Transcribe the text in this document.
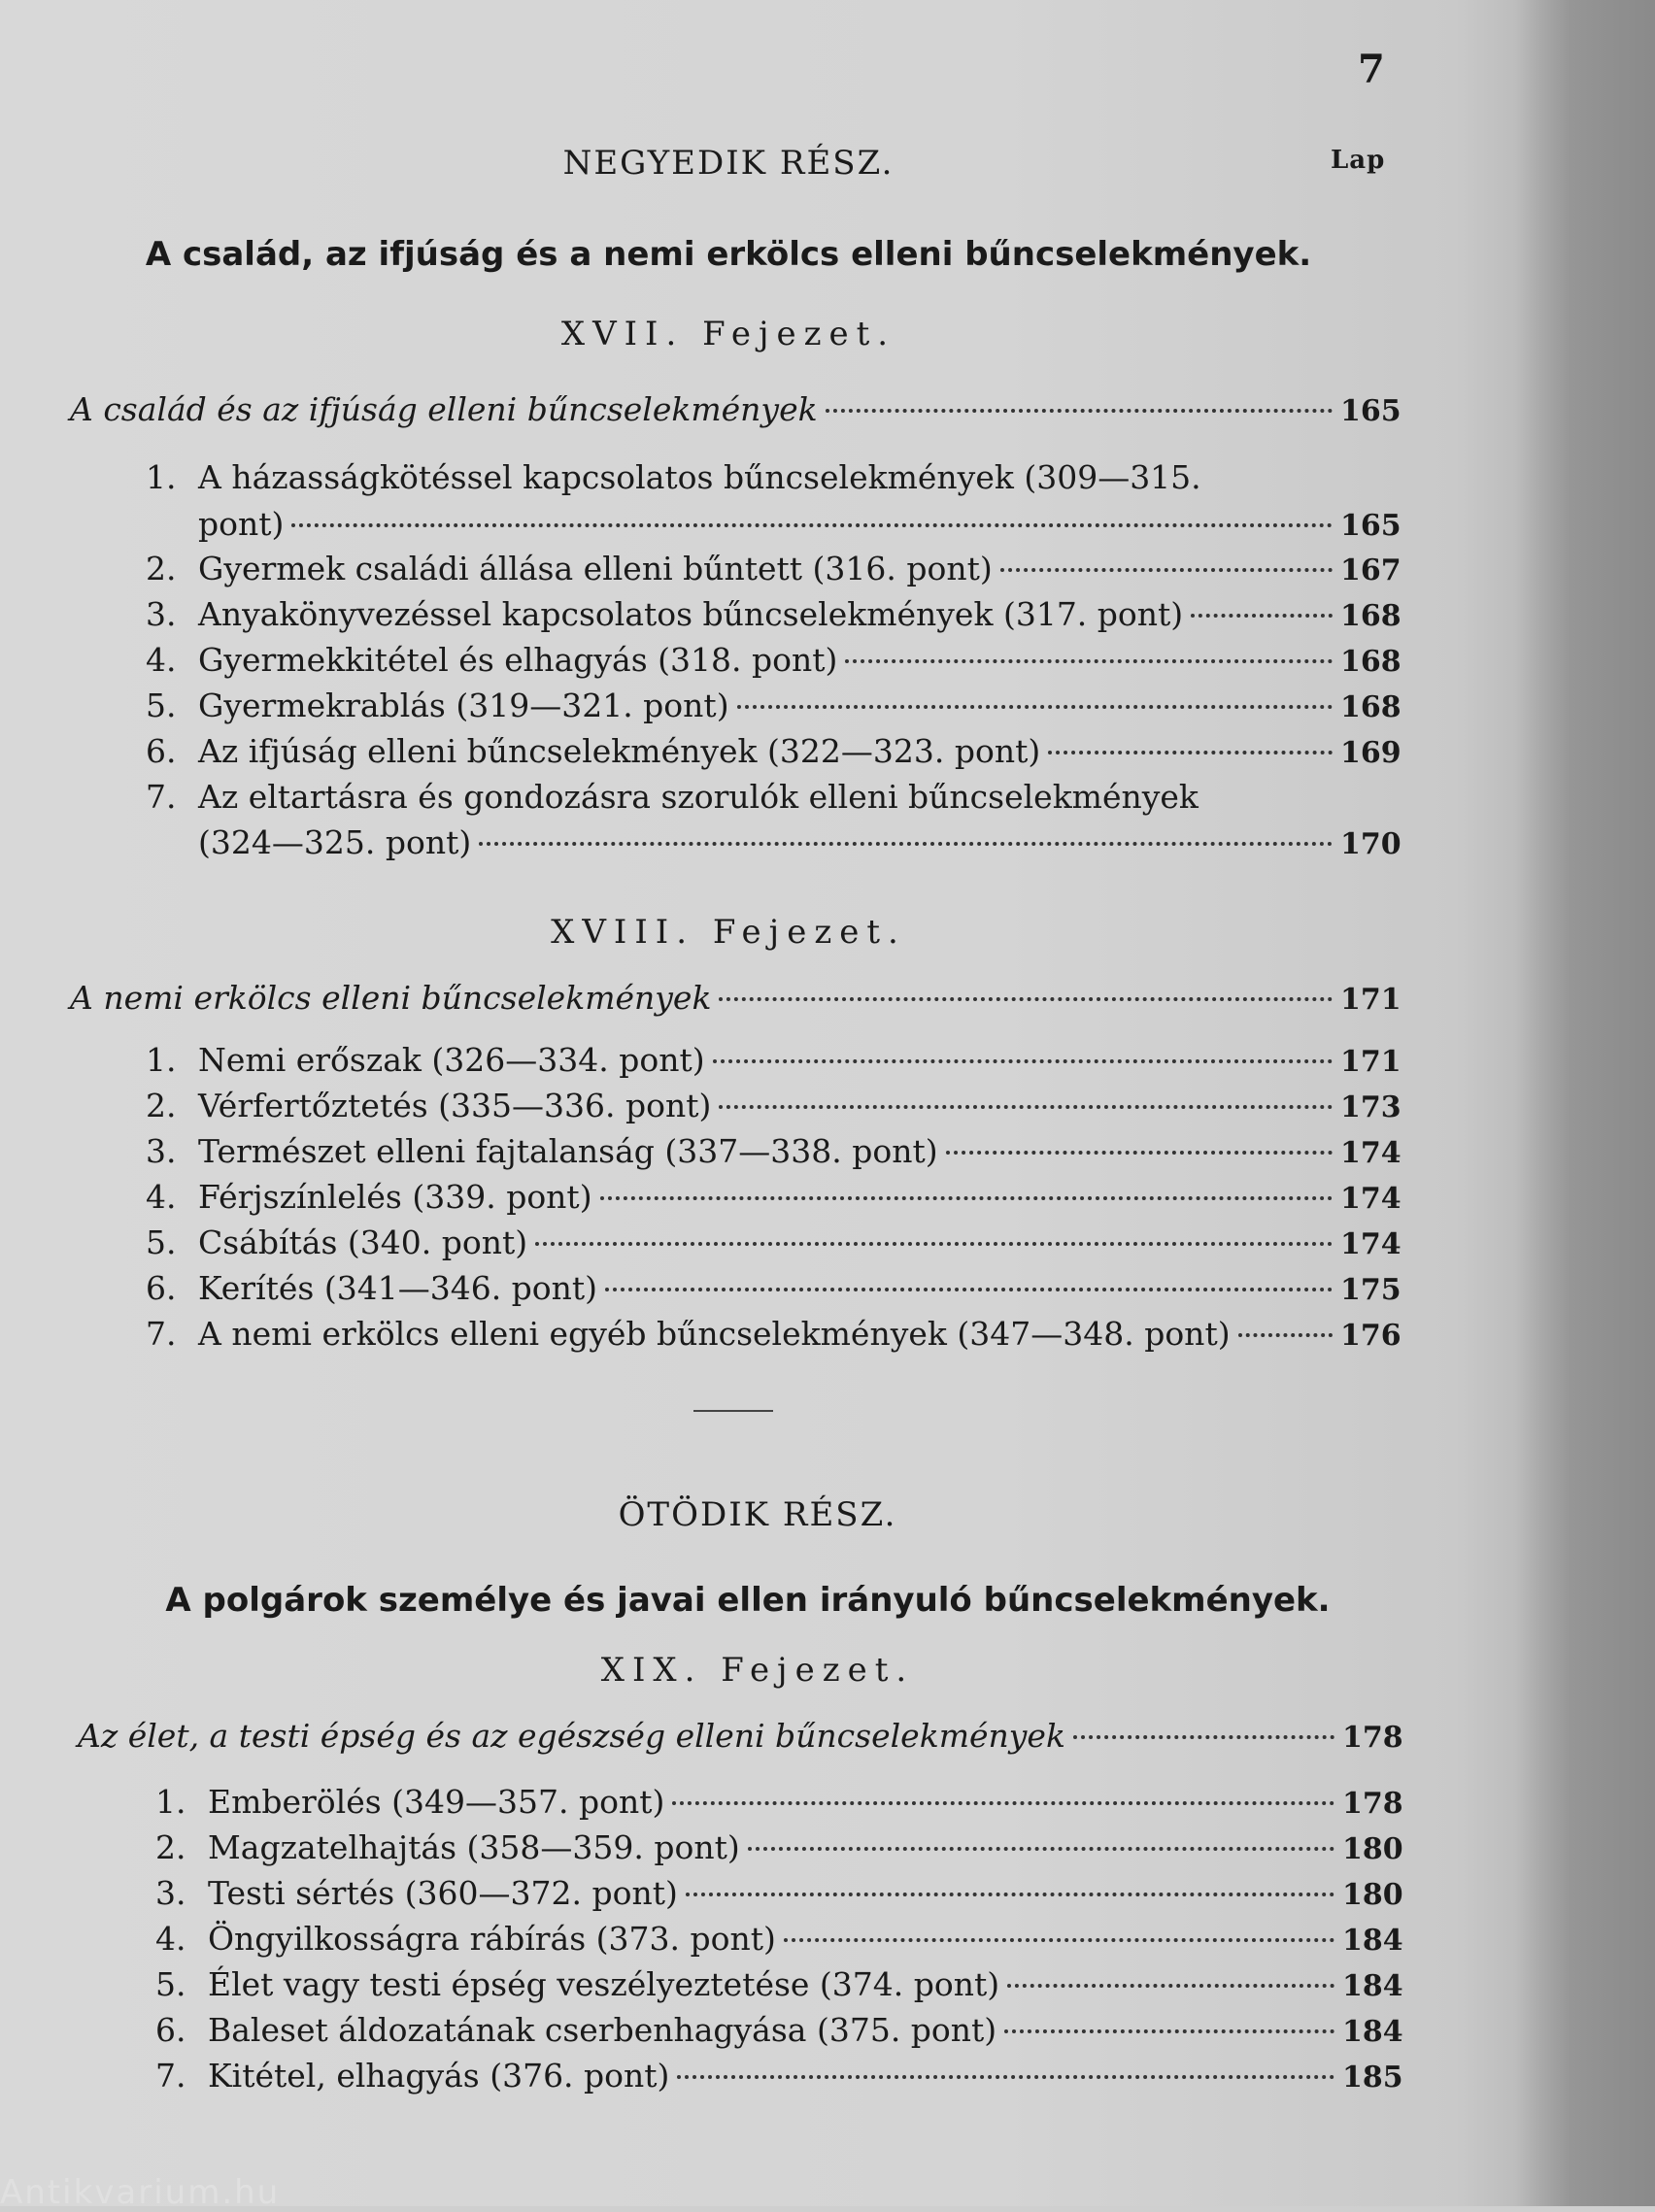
7
Lap
NEGYEDIK RÉSZ.
A család, az ifjúság és a nemi erkölcs elleni bűncselekmények.
XVII. Fejezet.
A család és az ifjúság elleni bűncselekmények	165
1. A házasságkötéssel kapcsolatos bűncselekmények (309—315.
pont)	165
2. Gyermek családi állása elleni bűntett (316. pont)	167
3. Anyakönyvezéssel kapcsolatos bűncselekmények (317. pont)	168
4. Gyermekkitétel és elhagyás (318. pont)	168
5. Gyermekrablás (319—321. pont)	168
6. Az ifjúság elleni bűncselekmények (322—323. pont)	169
7. Az eltartásra és gondozásra szorulók elleni bűncselekmények
(324—325. pont)	170
XVIII. Fejezet.
A nemi erkölcs elleni bűncselekmények	171
1. Nemi erőszak (326—334. pont)	171
2. Vérfertőztetés (335—336. pont)	173
3. Természet elleni fajtalanság (337—338. pont)	174
4. Férjszínlelés (339. pont)	174
5. Csábítás (340. pont)	174
6. Kerítés (341—346. pont)	175
7. A nemi erkölcs elleni egyéb bűncselekmények (347—348. pont)	176
ÖTÖDIK RÉSZ.
A polgárok személye és javai ellen irányuló bűncselekmények.
XIX. Fejezet.
Az élet, a testi épség és az egészség elleni bűncselekmények	178
1. Emberölés (349—357. pont)	178
2. Magzatelhajtás (358—359. pont)	180
3. Testi sértés (360—372. pont)	180
4. Öngyilkosságra rábírás (373. pont)	184
5. Élet vagy testi épség veszélyeztetése (374. pont)	184
6. Baleset áldozatának cserbenhagyása (375. pont)	184
7. Kitétel, elhagyás (376. pont)	185
Antikvarium.hu
